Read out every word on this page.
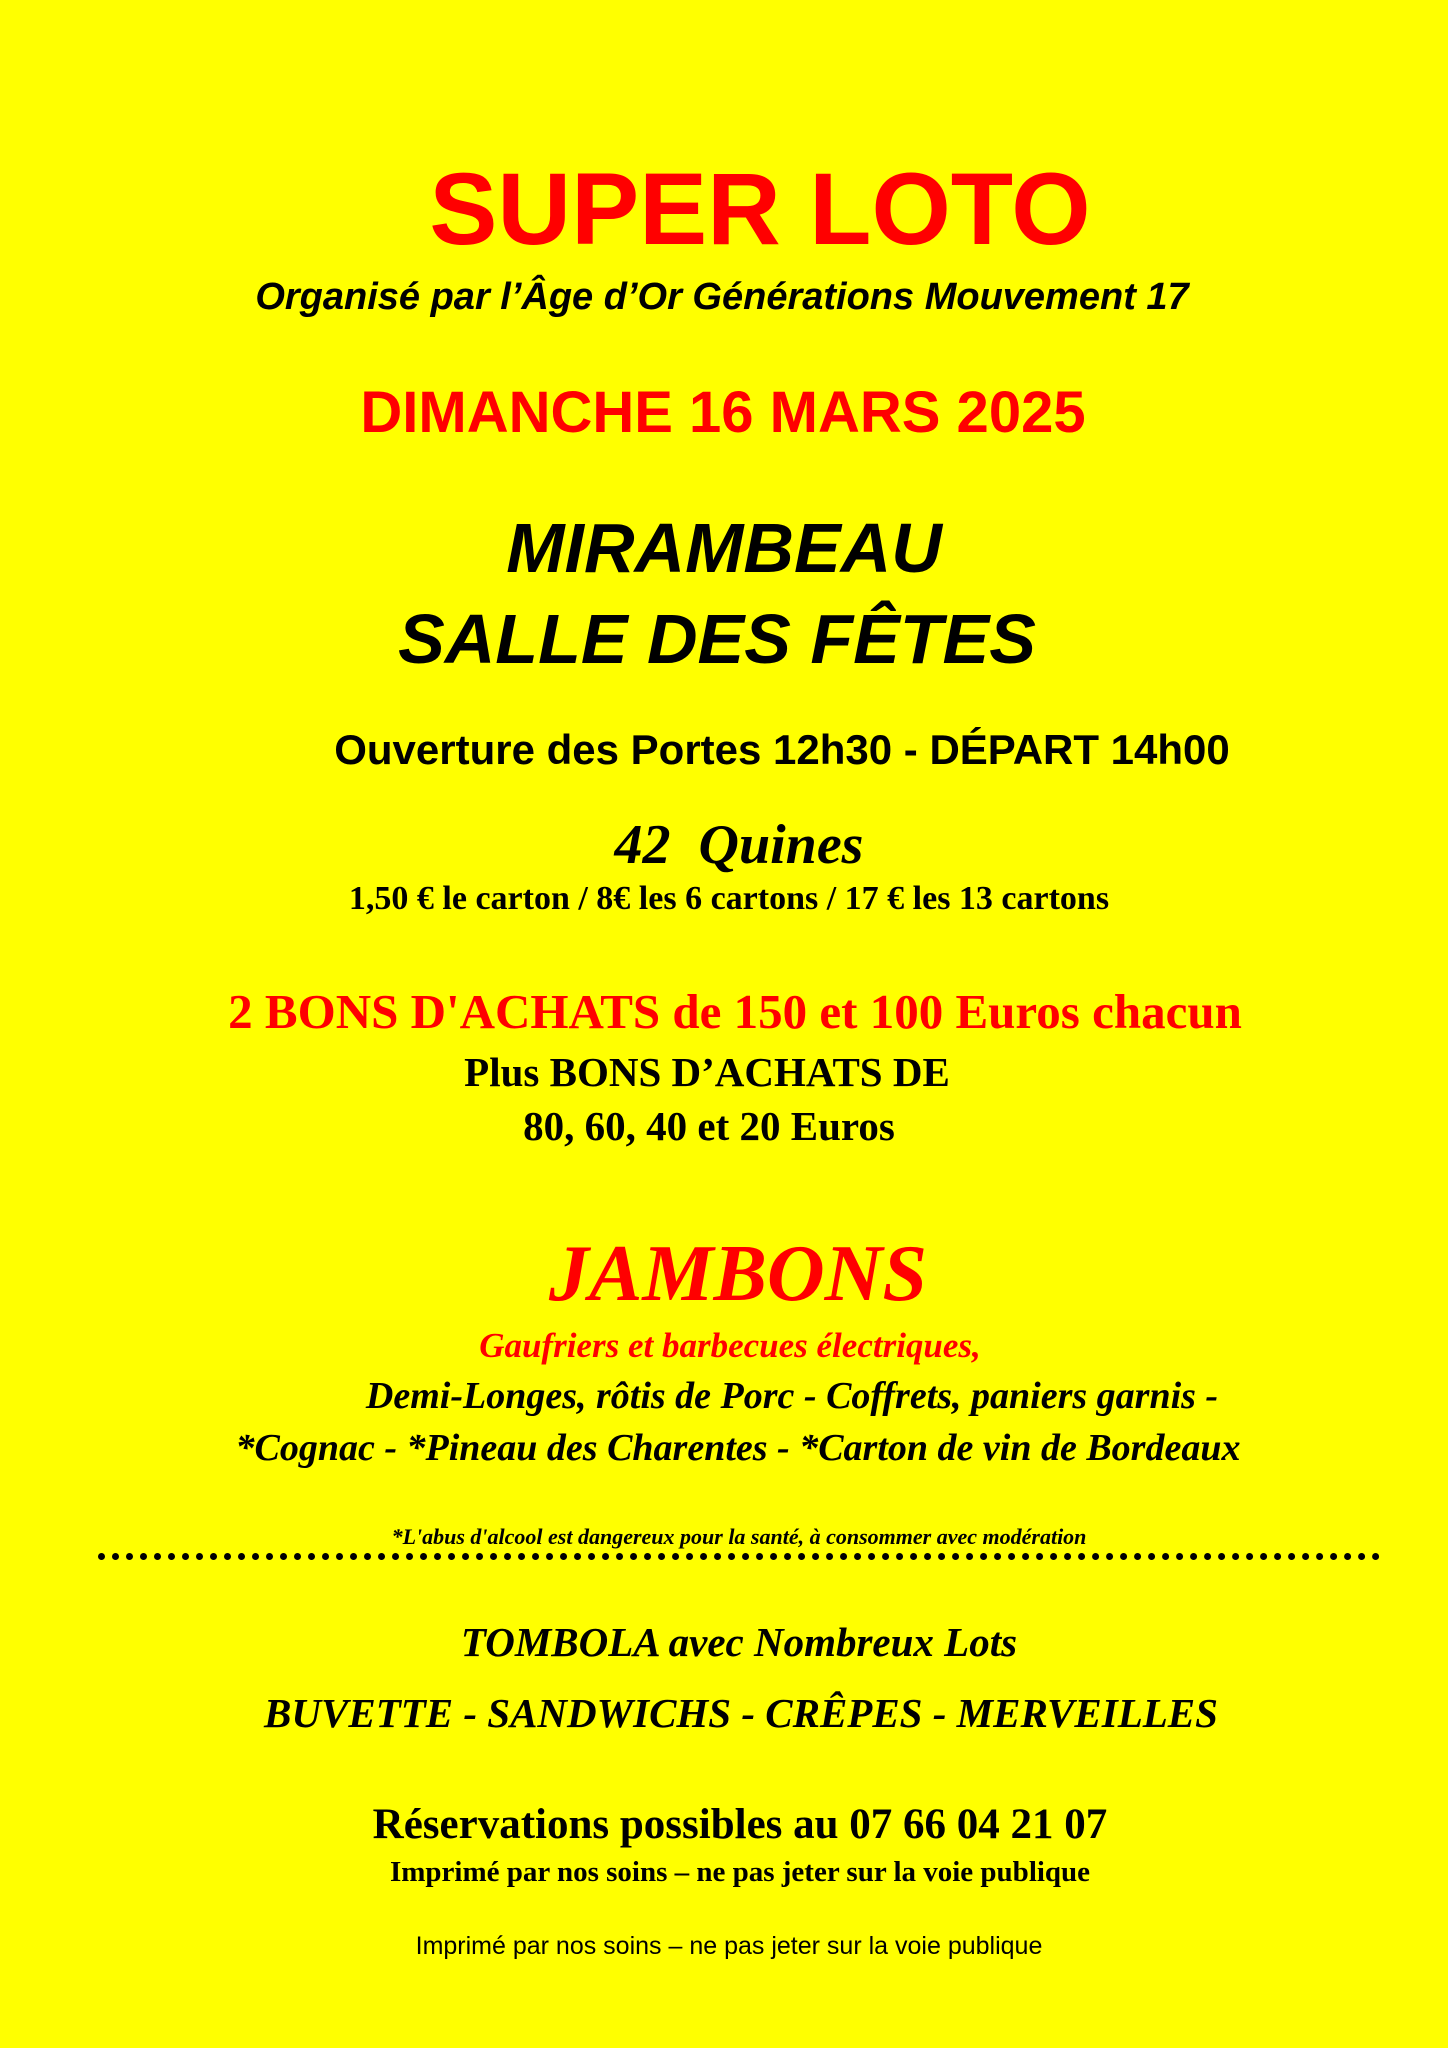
SUPER LOTO

Organisé par l’Âge d’Or Générations Mouvement 17

DIMANCHE 16 MARS 2025

MIRAMBEAU

SALLE DES FÊTES

Ouverture des Portes 12h30 - DÉPART 14h00

42  Quines

1,50 € le carton / 8€ les 6 cartons / 17 € les 13 cartons

2 BONS D'ACHATS de 150 et 100 Euros chacun

Plus BONS D’ACHATS DE

80, 60, 40 et 20 Euros

JAMBONS

Gaufriers et barbecues électriques,

Demi-Longes, rôtis de Porc - Coffrets, paniers garnis -

*Cognac - *Pineau des Charentes - *Carton de vin de Bordeaux

*L'abus d'alcool est dangereux pour la santé, à consommer avec modération

TOMBOLA avec Nombreux Lots

BUVETTE - SANDWICHS - CRÊPES - MERVEILLES

Réservations possibles au 07 66 04 21 07

Imprimé par nos soins – ne pas jeter sur la voie publique

Imprimé par nos soins – ne pas jeter sur la voie publique
